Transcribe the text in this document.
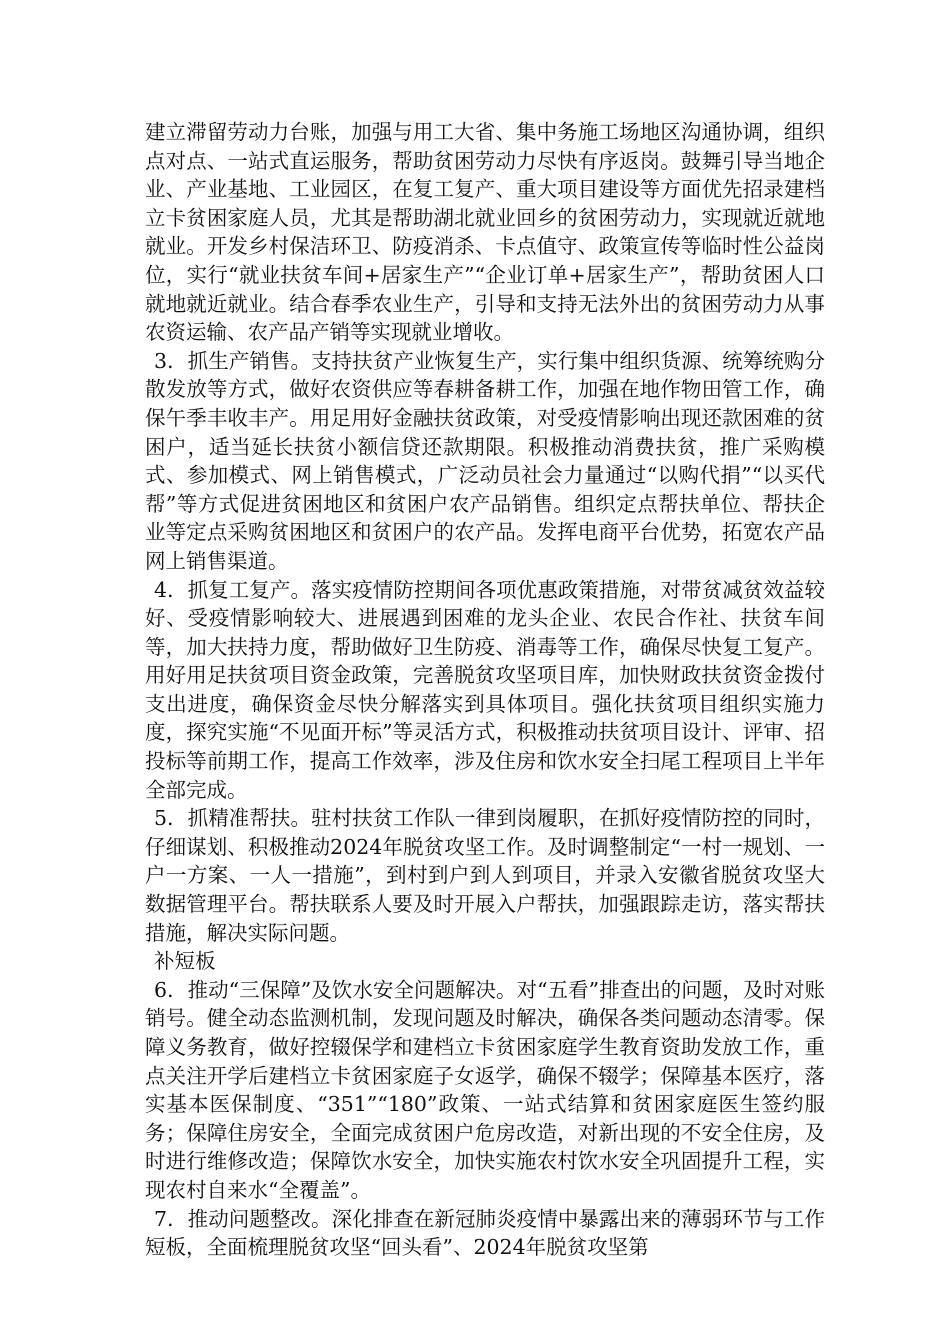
建立滞留劳动力台账，加强与用工大省、集中务施工场地区沟通协调，组织点对点、一站式直运服务，帮助贫困劳动力尽快有序返岗。鼓舞引导当地企业、产业基地、工业园区，在复工复产、重大项目建设等方面优先招录建档立卡贫困家庭人员，尤其是帮助湖北就业回乡的贫困劳动力，实现就近就地就业。开发乡村保洁环卫、防疫消杀、卡点值守、政策宣传等临时性公益岗位，实行“就业扶贫车间+居家生产”“企业订单+居家生产”，帮助贫困人口就地就近就业。结合春季农业生产，引导和支持无法外出的贫困劳动力从事农资运输、农产品产销等实现就业增收。

3．抓生产销售。支持扶贫产业恢复生产，实行集中组织货源、统筹统购分散发放等方式，做好农资供应等春耕备耕工作，加强在地作物田管工作，确保午季丰收丰产。用足用好金融扶贫政策，对受疫情影响出现还款困难的贫困户，适当延长扶贫小额信贷还款期限。积极推动消费扶贫，推广采购模式、参加模式、网上销售模式，广泛动员社会力量通过“以购代捐”“以买代帮”等方式促进贫困地区和贫困户农产品销售。组织定点帮扶单位、帮扶企业等定点采购贫困地区和贫困户的农产品。发挥电商平台优势，拓宽农产品网上销售渠道。

4．抓复工复产。落实疫情防控期间各项优惠政策措施，对带贫减贫效益较好、受疫情影响较大、进展遇到困难的龙头企业、农民合作社、扶贫车间等，加大扶持力度，帮助做好卫生防疫、消毒等工作，确保尽快复工复产。用好用足扶贫项目资金政策，完善脱贫攻坚项目库，加快财政扶贫资金拨付支出进度，确保资金尽快分解落实到具体项目。强化扶贫项目组织实施力度，探究实施“不见面开标”等灵活方式，积极推动扶贫项目设计、评审、招投标等前期工作，提高工作效率，涉及住房和饮水安全扫尾工程项目上半年全部完成。

5．抓精准帮扶。驻村扶贫工作队一律到岗履职，在抓好疫情防控的同时，仔细谋划、积极推动2024年脱贫攻坚工作。及时调整制定“一村一规划、一户一方案、一人一措施”，到村到户到人到项目，并录入安徽省脱贫攻坚大数据管理平台。帮扶联系人要及时开展入户帮扶，加强跟踪走访，落实帮扶措施，解决实际问题。

补短板

6．推动“三保障”及饮水安全问题解决。对“五看”排查出的问题，及时对账销号。健全动态监测机制，发现问题及时解决，确保各类问题动态清零。保障义务教育，做好控辍保学和建档立卡贫困家庭学生教育资助发放工作，重点关注开学后建档立卡贫困家庭子女返学，确保不辍学；保障基本医疗，落实基本医保制度、“351”“180”政策、一站式结算和贫困家庭医生签约服务；保障住房安全，全面完成贫困户危房改造，对新出现的不安全住房，及时进行维修改造；保障饮水安全，加快实施农村饮水安全巩固提升工程，实现农村自来水“全覆盖”。

7．推动问题整改。深化排查在新冠肺炎疫情中暴露出来的薄弱环节与工作短板，全面梳理脱贫攻坚“回头看”、2024年脱贫攻坚第
